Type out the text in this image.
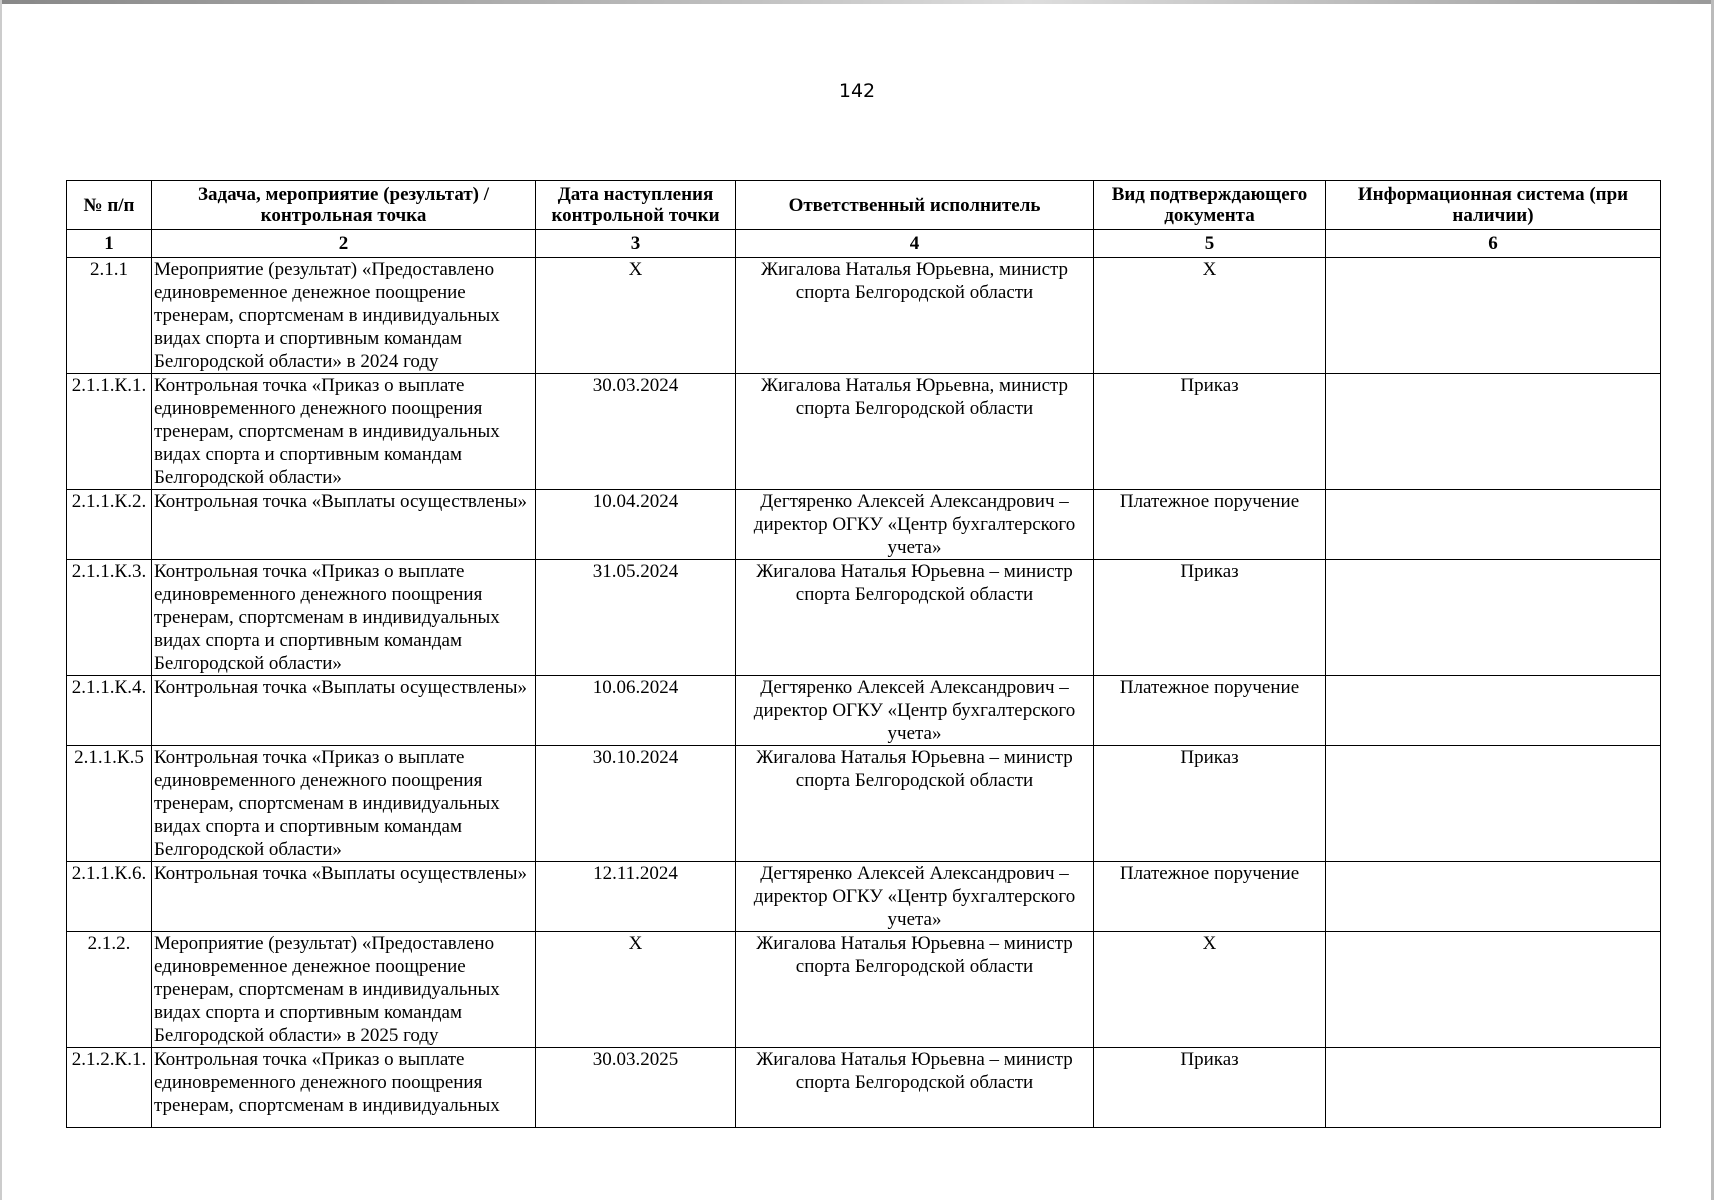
142
№ п/п	Задача, мероприятие (результат) / контрольная точка	Дата наступления контрольной точки	Ответственный исполнитель	Вид подтверждающего документа	Информационная система (при наличии)
1	2	3	4	5	6
2.1.1	Мероприятие (результат) «Предоставлено единовременное денежное поощрение тренерам, спортсменам в индивидуальных видах спорта и спортивным командам Белгородской области» в 2024 году	Х	Жигалова Наталья Юрьевна, министр спорта Белгородской области	Х	
2.1.1.К.1.	Контрольная точка «Приказ о выплате единовременного денежного поощрения тренерам, спортсменам в индивидуальных видах спорта и спортивным командам Белгородской области»	30.03.2024	Жигалова Наталья Юрьевна, министр спорта Белгородской области	Приказ	
2.1.1.К.2.	Контрольная точка «Выплаты осуществлены»	10.04.2024	Дегтяренко Алексей Александрович – директор ОГКУ «Центр бухгалтерского учета»	Платежное поручение	
2.1.1.К.3.	Контрольная точка «Приказ о выплате единовременного денежного поощрения тренерам, спортсменам в индивидуальных видах спорта и спортивным командам Белгородской области»	31.05.2024	Жигалова Наталья Юрьевна – министр спорта Белгородской области	Приказ	
2.1.1.К.4.	Контрольная точка «Выплаты осуществлены»	10.06.2024	Дегтяренко Алексей Александрович – директор ОГКУ «Центр бухгалтерского учета»	Платежное поручение	
2.1.1.К.5	Контрольная точка «Приказ о выплате единовременного денежного поощрения тренерам, спортсменам в индивидуальных видах спорта и спортивным командам Белгородской области»	30.10.2024	Жигалова Наталья Юрьевна – министр спорта Белгородской области	Приказ	
2.1.1.К.6.	Контрольная точка «Выплаты осуществлены»	12.11.2024	Дегтяренко Алексей Александрович – директор ОГКУ «Центр бухгалтерского учета»	Платежное поручение	
2.1.2.	Мероприятие (результат) «Предоставлено единовременное денежное поощрение тренерам, спортсменам в индивидуальных видах спорта и спортивным командам Белгородской области» в 2025 году	Х	Жигалова Наталья Юрьевна – министр спорта Белгородской области	Х	
2.1.2.К.1.	Контрольная точка «Приказ о выплате единовременного денежного поощрения тренерам, спортсменам в индивидуальных	30.03.2025	Жигалова Наталья Юрьевна – министр спорта Белгородской области	Приказ	
